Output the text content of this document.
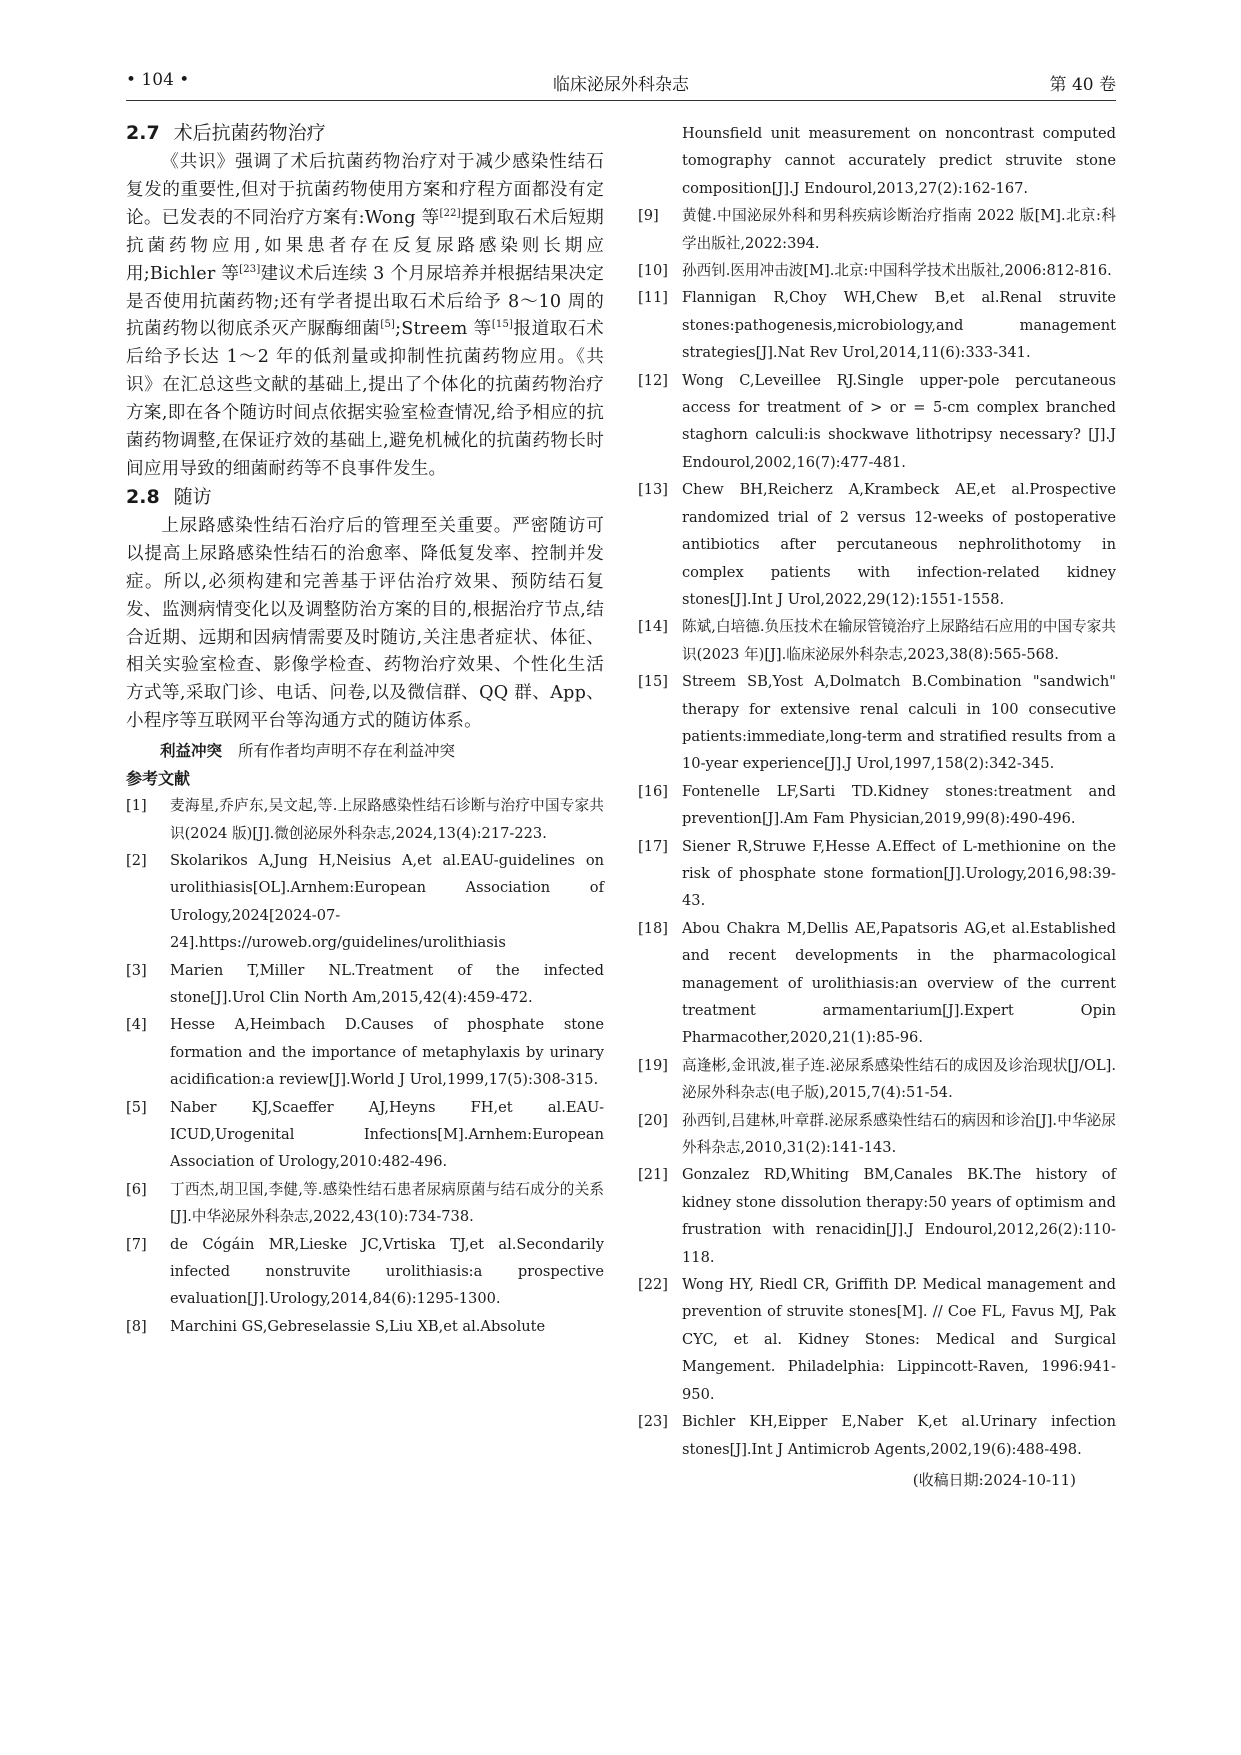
• 104 •	临床泌尿外科杂志	第 40 卷
2.7 术后抗菌药物治疗

《共识》强调了术后抗菌药物治疗对于减少感染性结石复发的重要性,但对于抗菌药物使用方案和疗程方面都没有定论。已发表的不同治疗方案有:Wong 等[22]提到取石术后短期抗菌药物应用,如果患者存在反复尿路感染则长期应用;Bichler 等[23]建议术后连续 3 个月尿培养并根据结果决定是否使用抗菌药物;还有学者提出取石术后给予 8～10 周的抗菌药物以彻底杀灭产脲酶细菌[5];Streem 等[15]报道取石术后给予长达 1～2 年的低剂量或抑制性抗菌药物应用。《共识》在汇总这些文献的基础上,提出了个体化的抗菌药物治疗方案,即在各个随访时间点依据实验室检查情况,给予相应的抗菌药物调整,在保证疗效的基础上,避免机械化的抗菌药物长时间应用导致的细菌耐药等不良事件发生。

2.8 随访

上尿路感染性结石治疗后的管理至关重要。严密随访可以提高上尿路感染性结石的治愈率、降低复发率、控制并发症。所以,必须构建和完善基于评估治疗效果、预防结石复发、监测病情变化以及调整防治方案的目的,根据治疗节点,结合近期、远期和因病情需要及时随访,关注患者症状、体征、相关实验室检查、影像学检查、药物治疗效果、个性化生活方式等,采取门诊、电话、问卷,以及微信群、QQ 群、App、小程序等互联网平台等沟通方式的随访体系。

利益冲突 所有作者均声明不存在利益冲突
参考文献
[1]	麦海星,乔庐东,吴文起,等.上尿路感染性结石诊断与治疗中国专家共识(2024 版)[J].微创泌尿外科杂志,2024,13(4):217-223.
[2]	Skolarikos A,Jung H,Neisius A,et al.EAU-guidelines on urolithiasis[OL].Arnhem:European Association of Urology,2024[2024-07-24].https://uroweb.org/guidelines/urolithiasis
[3]	Marien T,Miller NL.Treatment of the infected stone[J].Urol Clin North Am,2015,42(4):459-472.
[4]	Hesse A,Heimbach D.Causes of phosphate stone formation and the importance of metaphylaxis by urinary acidification:a review[J].World J Urol,1999,17(5):308-315.
[5]	Naber KJ,Scaeffer AJ,Heyns FH,et al.EAU-ICUD,Urogenital Infections[M].Arnhem:European Association of Urology,2010:482-496.
[6]	丁西杰,胡卫国,李健,等.感染性结石患者尿病原菌与结石成分的关系[J].中华泌尿外科杂志,2022,43(10):734-738.
[7]	de Cógáin MR,Lieske JC,Vrtiska TJ,et al.Secondarily infected nonstruvite urolithiasis:a prospective evaluation[J].Urology,2014,84(6):1295-1300.
[8]	Marchini GS,Gebreselassie S,Liu XB,et al.Absolute
Hounsfield unit measurement on noncontrast computed tomography cannot accurately predict struvite stone composition[J].J Endourol,2013,27(2):162-167.
[9]	黄健.中国泌尿外科和男科疾病诊断治疗指南 2022 版[M].北京:科学出版社,2022:394.
[10] 孙西钊.医用冲击波[M].北京:中国科学技术出版社,2006:812-816.
[11] Flannigan R,Choy WH,Chew B,et al.Renal struvite stones:pathogenesis,microbiology,and management strategies[J].Nat Rev Urol,2014,11(6):333-341.
[12] Wong C,Leveillee RJ.Single upper-pole percutaneous access for treatment of > or = 5-cm complex branched staghorn calculi:is shockwave lithotripsy necessary? [J].J Endourol,2002,16(7):477-481.
[13] Chew BH,Reicherz A,Krambeck AE,et al.Prospective randomized trial of 2 versus 12-weeks of postoperative antibiotics after percutaneous nephrolithotomy in complex patients with infection-related kidney stones[J].Int J Urol,2022,29(12):1551-1558.
[14] 陈斌,白培德.负压技术在输尿管镜治疗上尿路结石应用的中国专家共识(2023 年)[J].临床泌尿外科杂志,2023,38(8):565-568.
[15] Streem SB,Yost A,Dolmatch B.Combination "sandwich" therapy for extensive renal calculi in 100 consecutive patients:immediate,long-term and stratified results from a 10-year experience[J].J Urol,1997,158(2):342-345.
[16] Fontenelle LF,Sarti TD.Kidney stones:treatment and prevention[J].Am Fam Physician,2019,99(8):490-496.
[17] Siener R,Struwe F,Hesse A.Effect of L-methionine on the risk of phosphate stone formation[J].Urology,2016,98:39-43.
[18] Abou Chakra M,Dellis AE,Papatsoris AG,et al.Established and recent developments in the pharmacological management of urolithiasis:an overview of the current treatment armamentarium[J].Expert Opin Pharmacother,2020,21(1):85-96.
[19] 高逢彬,金讯波,崔子连.泌尿系感染性结石的成因及诊治现状[J/OL].泌尿外科杂志(电子版),2015,7(4):51-54.
[20] 孙西钊,吕建林,叶章群.泌尿系感染性结石的病因和诊治[J].中华泌尿外科杂志,2010,31(2):141-143.
[21] Gonzalez RD,Whiting BM,Canales BK.The history of kidney stone dissolution therapy:50 years of optimism and frustration with renacidin[J].J Endourol,2012,26(2):110-118.
[22] Wong HY, Riedl CR, Griffith DP. Medical management and prevention of struvite stones[M]. // Coe FL, Favus MJ, Pak CYC, et al. Kidney Stones: Medical and Surgical Mangement. Philadelphia: Lippincott-Raven, 1996:941-950.
[23] Bichler KH,Eipper E,Naber K,et al.Urinary infection stones[J].Int J Antimicrob Agents,2002,19(6):488-498.
(收稿日期:2024-10-11)
